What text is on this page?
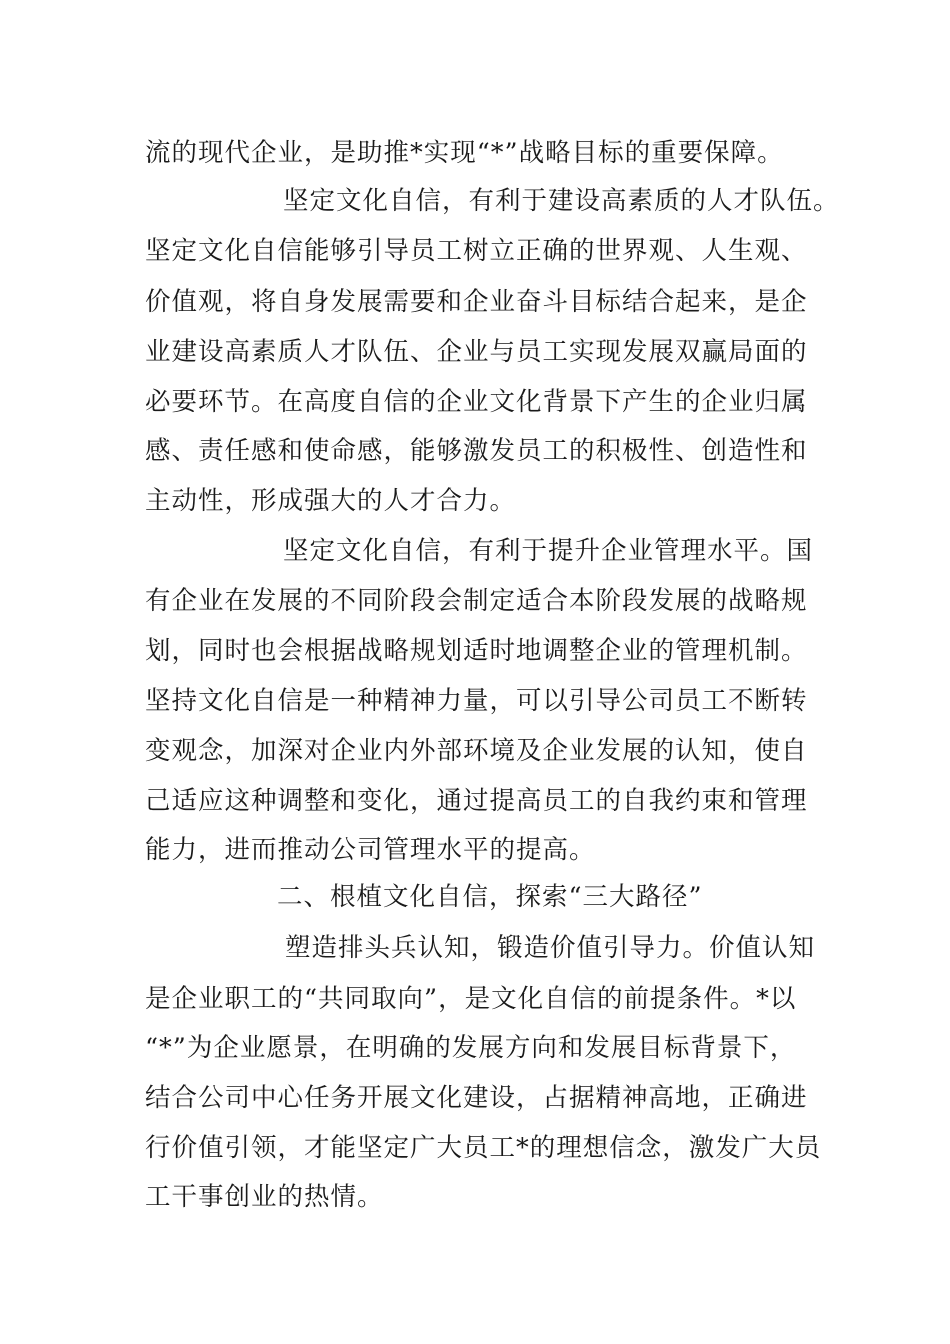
流的现代企业，是助推*实现“*”战略目标的重要保障。
坚定文化自信，有利于建设高素质的人才队伍。
坚定文化自信能够引导员工树立正确的世界观、人生观、
价值观，将自身发展需要和企业奋斗目标结合起来，是企
业建设高素质人才队伍、企业与员工实现发展双赢局面的
必要环节。在高度自信的企业文化背景下产生的企业归属
感、责任感和使命感，能够激发员工的积极性、创造性和
主动性，形成强大的人才合力。
坚定文化自信，有利于提升企业管理水平。国
有企业在发展的不同阶段会制定适合本阶段发展的战略规
划，同时也会根据战略规划适时地调整企业的管理机制。
坚持文化自信是一种精神力量，可以引导公司员工不断转
变观念，加深对企业内外部环境及企业发展的认知，使自
己适应这种调整和变化，通过提高员工的自我约束和管理
能力，进而推动公司管理水平的提高。
二、根植文化自信，探索“三大路径”
塑造排头兵认知，锻造价值引导力。价值认知
是企业职工的“共同取向”，是文化自信的前提条件。*以
“*”为企业愿景，在明确的发展方向和发展目标背景下，
结合公司中心任务开展文化建设，占据精神高地，正确进
行价值引领，才能坚定广大员工*的理想信念，激发广大员
工干事创业的热情。
